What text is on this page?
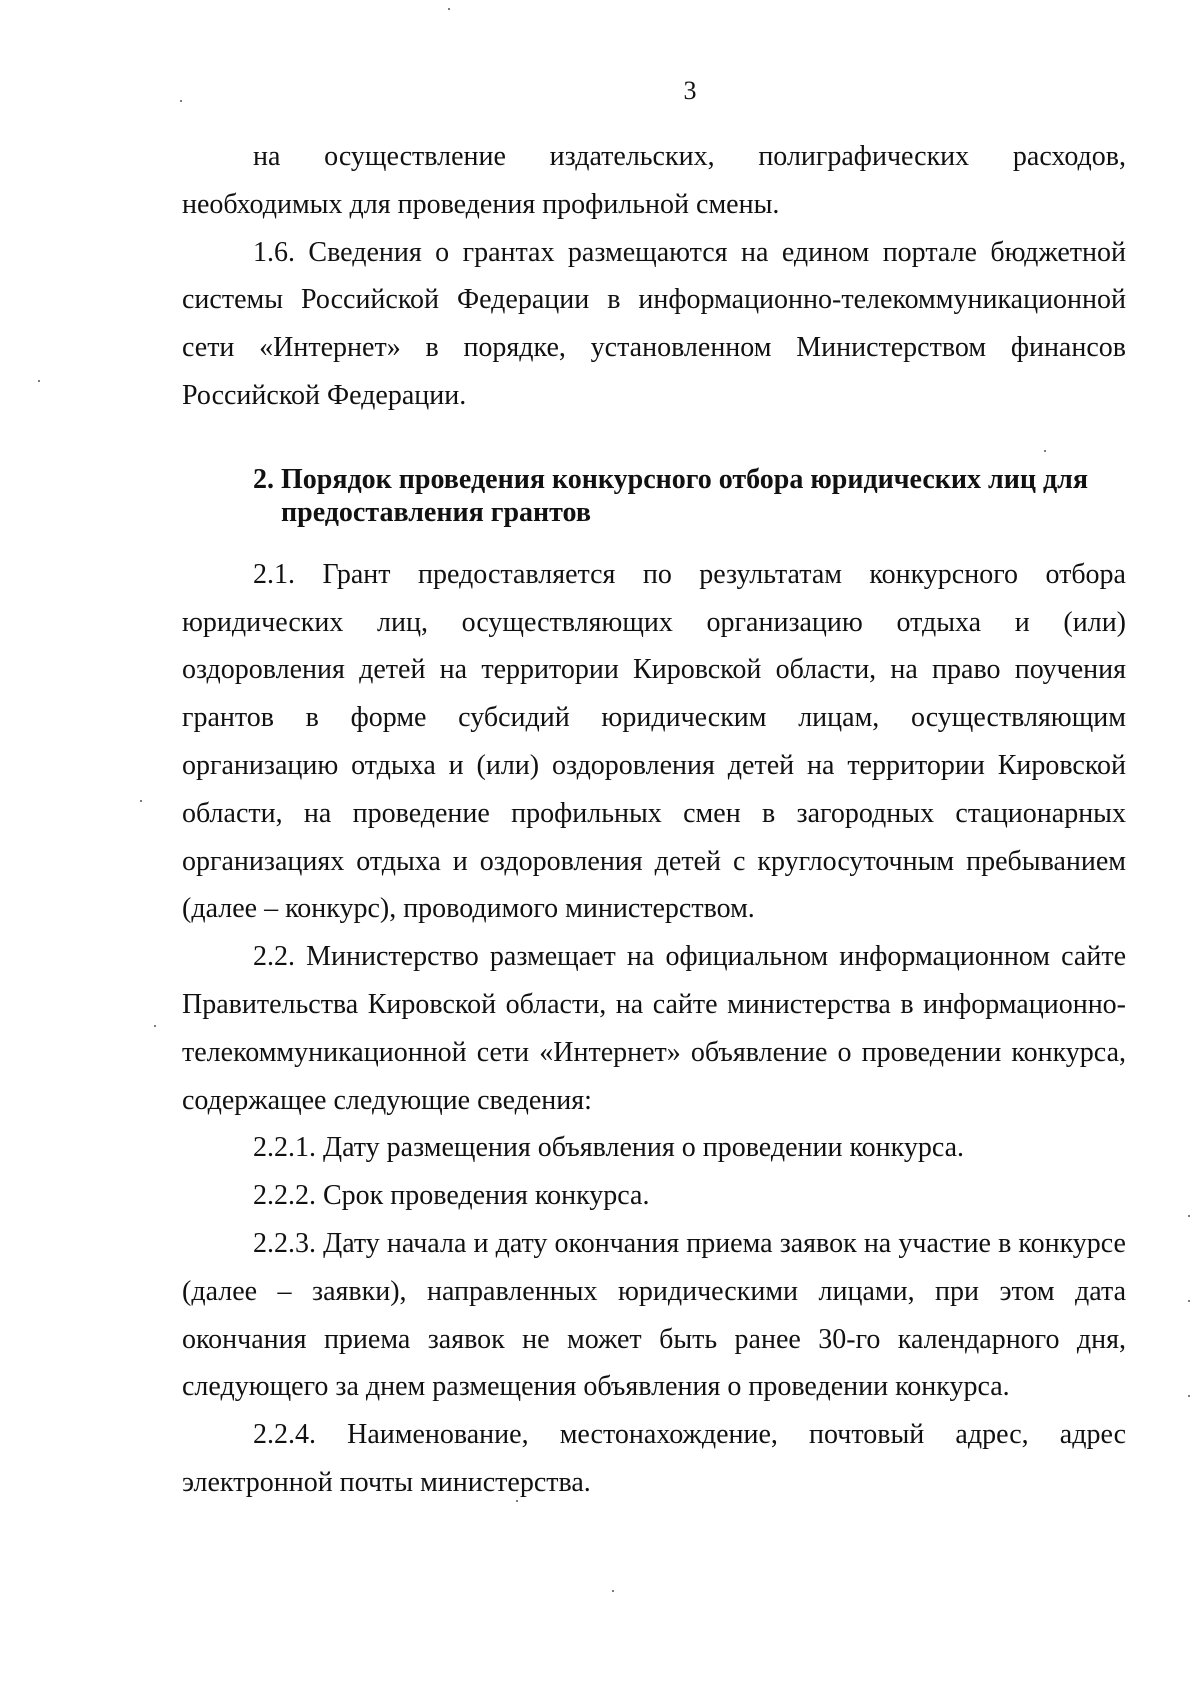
3

на осуществление издательских, полиграфических расходов, необходимых для проведения профильной смены.

1.6. Сведения о грантах размещаются на едином портале бюджетной системы Российской Федерации в информационно-телекоммуникационной сети «Интернет» в порядке, установленном Министерством финансов Российской Федерации.

2. Порядок проведения конкурсного отбора юридических лиц для
предоставления грантов

2.1. Грант предоставляется по результатам конкурсного отбора юридических лиц, осуществляющих организацию отдыха и (или) оздоровления детей на территории Кировской области, на право поучения грантов в форме субсидий юридическим лицам, осуществляющим организацию отдыха и (или) оздоровления детей на территории Кировской области, на проведение профильных смен в загородных стационарных организациях отдыха и оздоровления детей с круглосуточным пребыванием (далее – конкурс), проводимого министерством.

2.2. Министерство размещает на официальном информационном сайте Правительства Кировской области, на сайте министерства в информационно-телекоммуникационной сети «Интернет» объявление о проведении конкурса, содержащее следующие сведения:

2.2.1. Дату размещения объявления о проведении конкурса.

2.2.2. Срок проведения конкурса.

2.2.3. Дату начала и дату окончания приема заявок на участие в конкурсе (далее – заявки), направленных юридическими лицами, при этом дата окончания приема заявок не может быть ранее 30-го календарного дня, следующего за днем размещения объявления о проведении конкурса.

2.2.4. Наименование, местонахождение, почтовый адрес, адрес электронной почты министерства.
